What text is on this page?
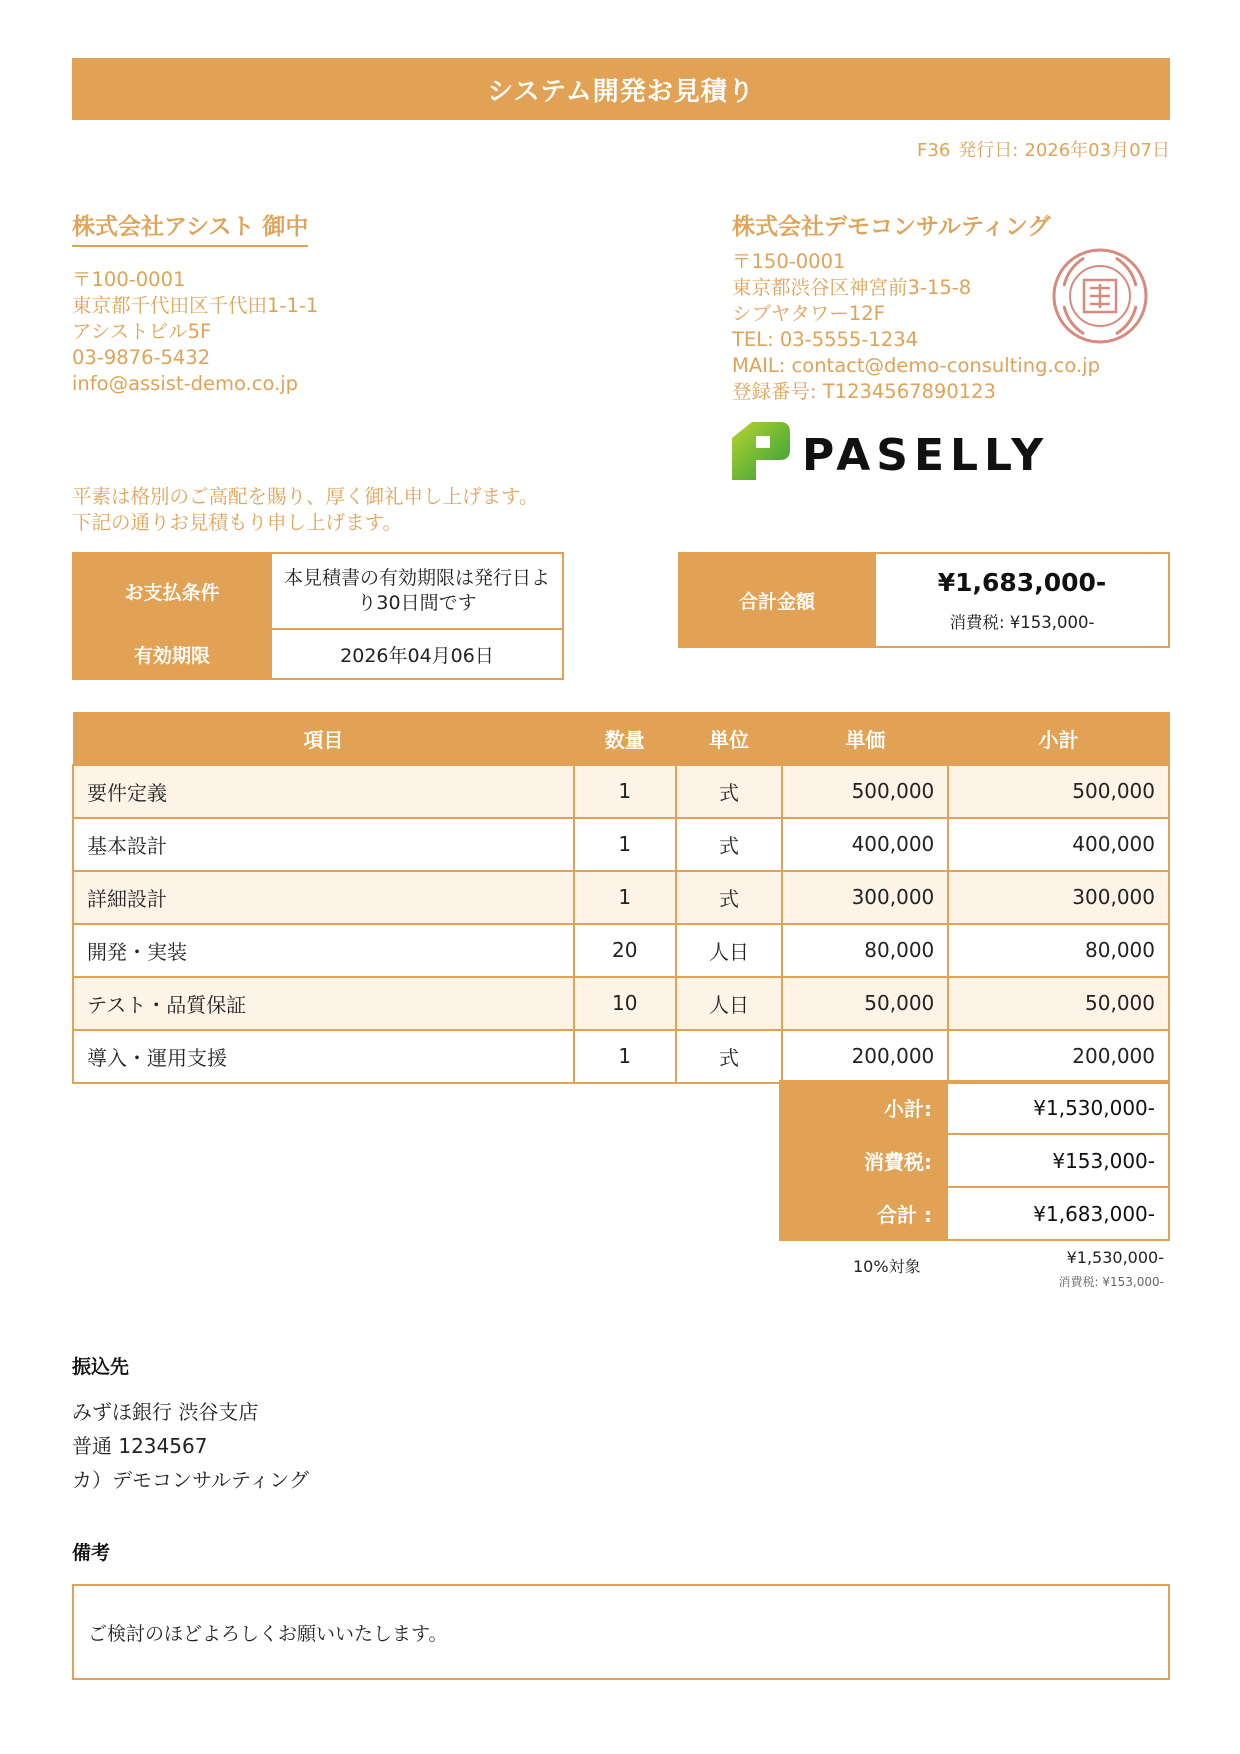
システム開発お見積り
F36 発行日: 2026年03月07日
株式会社アシスト 御中
〒100-0001
東京都千代田区千代田1-1-1
アシストビル5F
03-9876-5432
info@assist-demo.co.jp
株式会社デモコンサルティング
〒150-0001
東京都渋谷区神宮前3-15-8
シブヤタワー12F
TEL: 03-5555-1234
MAIL: contact@demo-consulting.co.jp
登録番号: T1234567890123
PASELLY
平素は格別のご高配を賜り、厚く御礼申し上げます。
下記の通りお見積もり申し上げます。
お支払条件	本見積書の有効期限は発行日より30日間です
有効期限	2026年04月06日
合計金額	
¥1,683,000-
消費税: ¥153,000-
項目	数量	単位	単価	小計
要件定義	1	式	500,000	500,000
基本設計	1	式	400,000	400,000
詳細設計	1	式	300,000	300,000
開発・実装	20	人日	80,000	80,000
テスト・品質保証	10	人日	50,000	50,000
導入・運用支援	1	式	200,000	200,000
小計:	¥1,530,000-
消費税:	¥153,000-
合計 :	¥1,683,000-
10%対象	¥1,530,000-
消費税: ¥153,000-
振込先
みずほ銀行 渋谷支店
普通 1234567
カ）デモコンサルティング
備考
ご検討のほどよろしくお願いいたします。
